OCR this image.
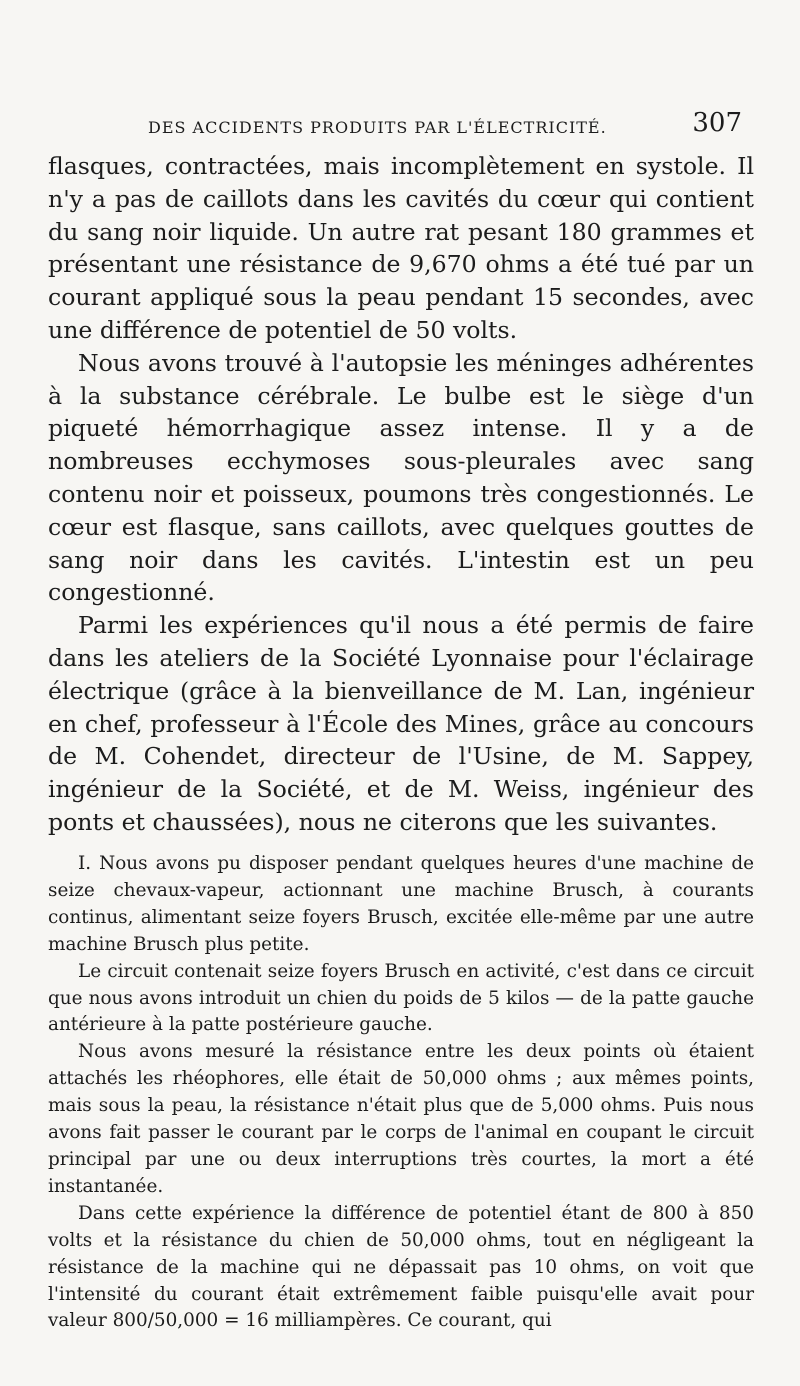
DES ACCIDENTS PRODUITS PAR L'ÉLECTRICITÉ.	307

flasques, contractées, mais incomplètement en systole. Il n'y a pas de caillots dans les cavités du cœur qui contient du sang noir liquide. Un autre rat pesant 180 grammes et présentant une résistance de 9,670 ohms a été tué par un courant appliqué sous la peau pendant 15 secondes, avec une différence de potentiel de 50 volts.

Nous avons trouvé à l'autopsie les méninges adhérentes à la substance cérébrale. Le bulbe est le siège d'un piqueté hémorrhagique assez intense. Il y a de nombreuses ecchymoses sous-pleurales avec sang contenu noir et poisseux, poumons très congestionnés. Le cœur est flasque, sans caillots, avec quelques gouttes de sang noir dans les cavités. L'intestin est un peu congestionné.

Parmi les expériences qu'il nous a été permis de faire dans les ateliers de la Société Lyonnaise pour l'éclairage électrique (grâce à la bienveillance de M. Lan, ingénieur en chef, professeur à l'École des Mines, grâce au concours de M. Cohendet, directeur de l'Usine, de M. Sappey, ingénieur de la Société, et de M. Weiss, ingénieur des ponts et chaussées), nous ne citerons que les suivantes.

I. Nous avons pu disposer pendant quelques heures d'une machine de seize chevaux-vapeur, actionnant une machine Brusch, à courants continus, alimentant seize foyers Brusch, excitée elle-même par une autre machine Brusch plus petite.

Le circuit contenait seize foyers Brusch en activité, c'est dans ce circuit que nous avons introduit un chien du poids de 5 kilos — de la patte gauche antérieure à la patte postérieure gauche.

Nous avons mesuré la résistance entre les deux points où étaient attachés les rhéophores, elle était de 50,000 ohms ; aux mêmes points, mais sous la peau, la résistance n'était plus que de 5,000 ohms. Puis nous avons fait passer le courant par le corps de l'animal en coupant le circuit principal par une ou deux interruptions très courtes, la mort a été instantanée.

Dans cette expérience la différence de potentiel étant de 800 à 850 volts et la résistance du chien de 50,000 ohms, tout en négligeant la résistance de la machine qui ne dépassait pas 10 ohms, on voit que l'intensité du courant était extrêmement faible puisqu'elle avait pour valeur 800/50,000 = 16 milliampères. Ce courant, qui
